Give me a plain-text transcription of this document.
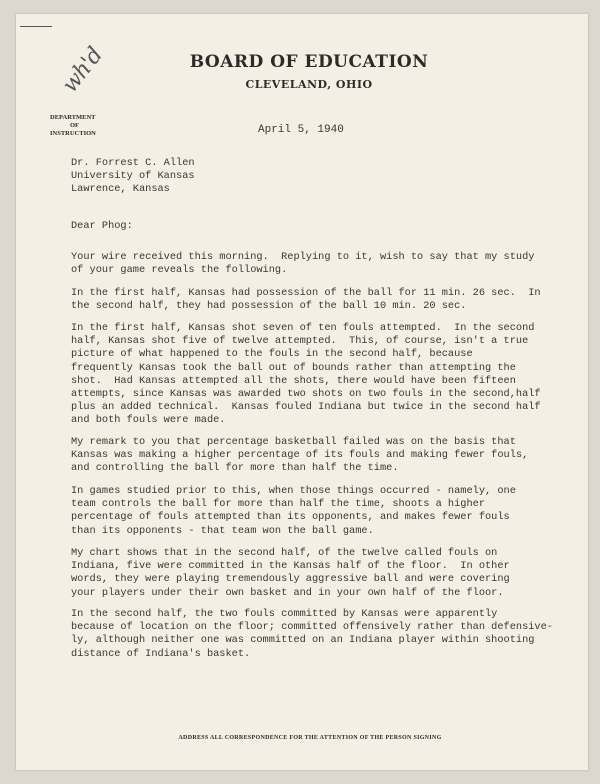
wh'd	BOARD OF EDUCATION
CLEVELAND, OHIO
DEPARTMENT
OF
INSTRUCTION	April 5, 1940
Dr. Forrest C. Allen
University of Kansas
Lawrence, Kansas
Dear Phog:
Your wire received this morning.  Replying to it, wish to say that my study
of your game reveals the following.
In the first half, Kansas had possession of the ball for 11 min. 26 sec.  In
the second half, they had possession of the ball 10 min. 20 sec.
In the first half, Kansas shot seven of ten fouls attempted.  In the second
half, Kansas shot five of twelve attempted.  This, of course, isn't a true
picture of what happened to the fouls in the second half, because
frequently Kansas took the ball out of bounds rather than attempting the
shot.  Had Kansas attempted all the shots, there would have been fifteen
attempts, since Kansas was awarded two shots on two fouls in the second,half
plus an added technical.  Kansas fouled Indiana but twice in the second half
and both fouls were made.
My remark to you that percentage basketball failed was on the basis that
Kansas was making a higher percentage of its fouls and making fewer fouls,
and controlling the ball for more than half the time.
In games studied prior to this, when those things occurred - namely, one
team controls the ball for more than half the time, shoots a higher
percentage of fouls attempted than its opponents, and makes fewer fouls
than its opponents - that team won the ball game.
My chart shows that in the second half, of the twelve called fouls on
Indiana, five were committed in the Kansas half of the floor.  In other
words, they were playing tremendously aggressive ball and were covering
your players under their own basket and in your own half of the floor.
In the second half, the two fouls committed by Kansas were apparently
because of location on the floor; committed offensively rather than defensive-
ly, although neither one was committed on an Indiana player within shooting
distance of Indiana's basket.
ADDRESS ALL CORRESPONDENCE FOR THE ATTENTION OF THE PERSON SIGNING
